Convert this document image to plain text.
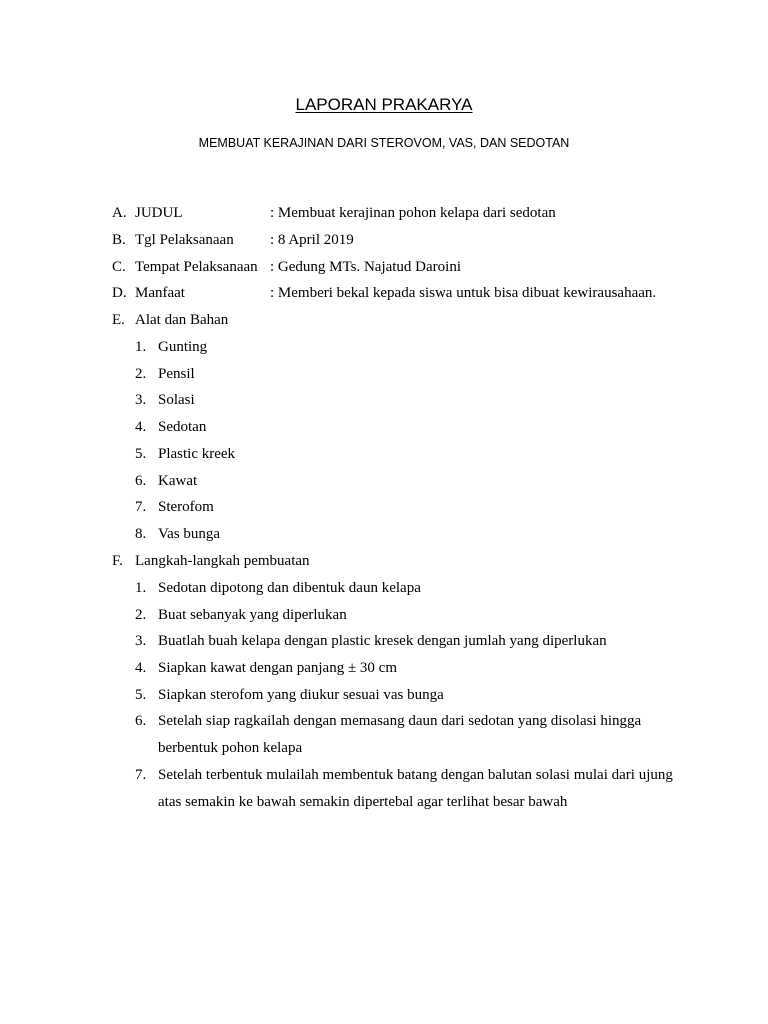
LAPORAN PRAKARYA
MEMBUAT KERAJINAN DARI STEROVOM, VAS, DAN SEDOTAN
A. JUDUL	: Membuat kerajinan pohon kelapa dari sedotan
B. Tgl Pelaksanaan : 8 April 2019
C. Tempat Pelaksanaan : Gedung MTs. Najatud Daroini
D. Manfaat	: Memberi bekal kepada siswa untuk bisa dibuat kewirausahaan.
E. Alat dan Bahan
1. Gunting
2. Pensil
3. Solasi
4. Sedotan
5. Plastic kreek
6. Kawat
7. Sterofom
8. Vas bunga
F. Langkah-langkah pembuatan
1. Sedotan dipotong dan dibentuk daun kelapa
2. Buat sebanyak yang diperlukan
3. Buatlah buah kelapa dengan plastic kresek dengan jumlah yang diperlukan
4. Siapkan kawat dengan panjang ± 30 cm
5. Siapkan sterofom yang diukur sesuai vas bunga
6. Setelah siap ragkailah dengan memasang daun dari sedotan yang disolasi hingga
berbentuk pohon kelapa
7. Setelah terbentuk mulailah membentuk batang dengan balutan solasi mulai dari ujung
atas semakin ke bawah semakin dipertebal agar terlihat besar bawah
